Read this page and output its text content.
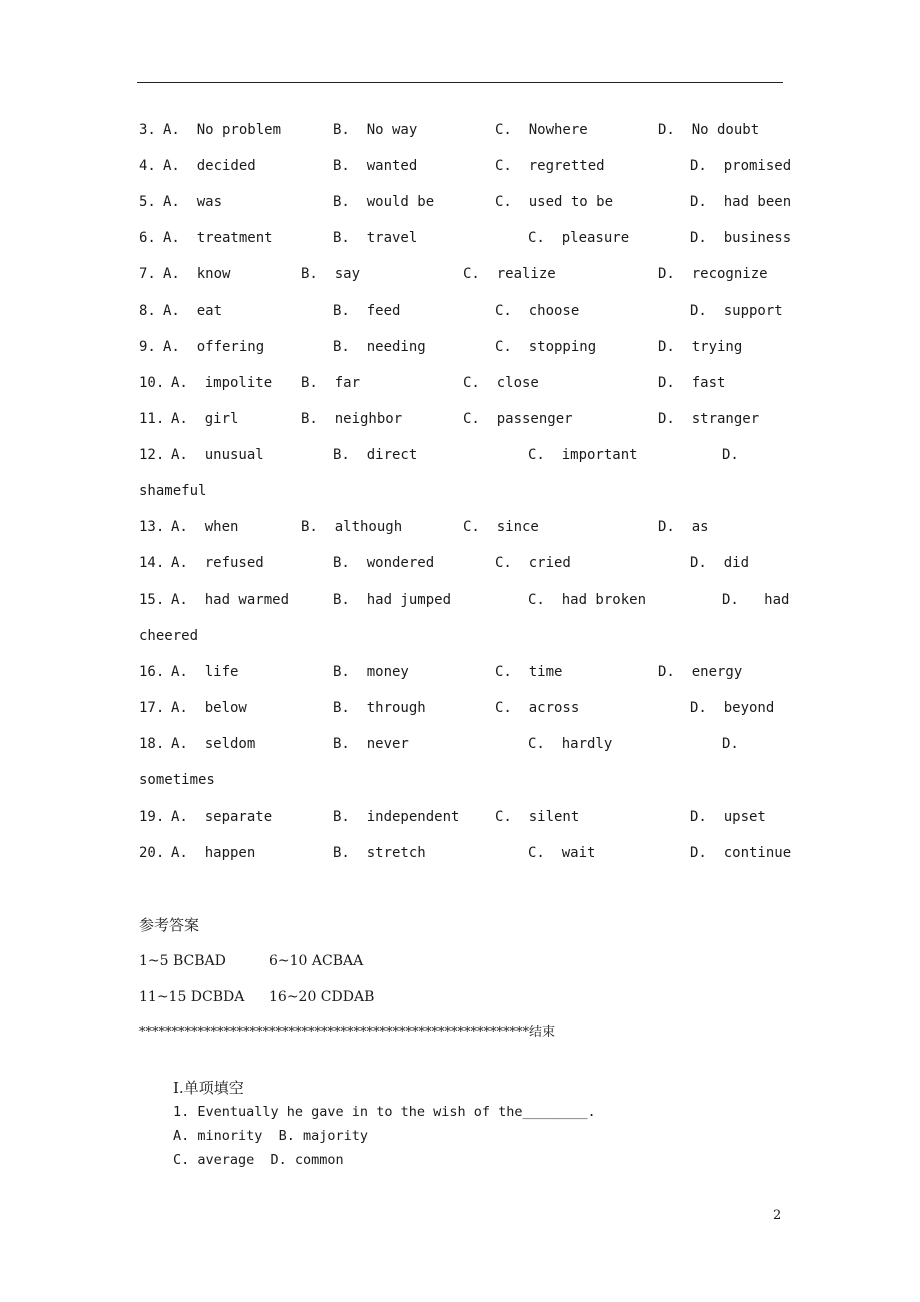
3. A.  No problem	B.  No way	C.  Nowhere	D.  No doubt
4. A.  decided	B.  wanted	C.  regretted	D.  promised
5. A.  was	B.  would be	C.  used to be	D.  had been
6. A.  treatment	B.  travel	C.  pleasure	D.  business
7. A.  know	B.  say	C.  realize	D.  recognize
8. A.  eat	B.  feed	C.  choose	D.  support
9. A.  offering	B.  needing	C.  stopping	D.  trying
10. A.  impolite B.  far	C.  close	D.  fast
11. A.  girl	B.  neighbor	C.  passenger	D.  stranger
12. A.  unusual	B.  direct	C.  important	D.
shameful
13. A.  when	B.  although	C.  since	D.  as
14. A.  refused	B.  wondered	C.  cried	D.  did
15. A.  had warmed	B.  had jumped	C.  had broken	D.   had
cheered
16. A.  life	B.  money	C.  time	D.  energy
17. A.  below	B.  through	C.  across	D.  beyond
18. A.  seldom	B.  never	C.  hardly	D.
sometimes
19. A.  separate	B.  independent	C.  silent	D.  upset
20. A.  happen	B.  stretch	C.  wait	D.  continue
参考答案
1~5 BCBAD	6~10 ACBAA
11~15 DCBDA 16~20 CDDAB
************************************************************结束
Ⅰ.单项填空
1. Eventually he gave in to the wish of the________.
A. minority  B. majority
C. average  D. common
2
